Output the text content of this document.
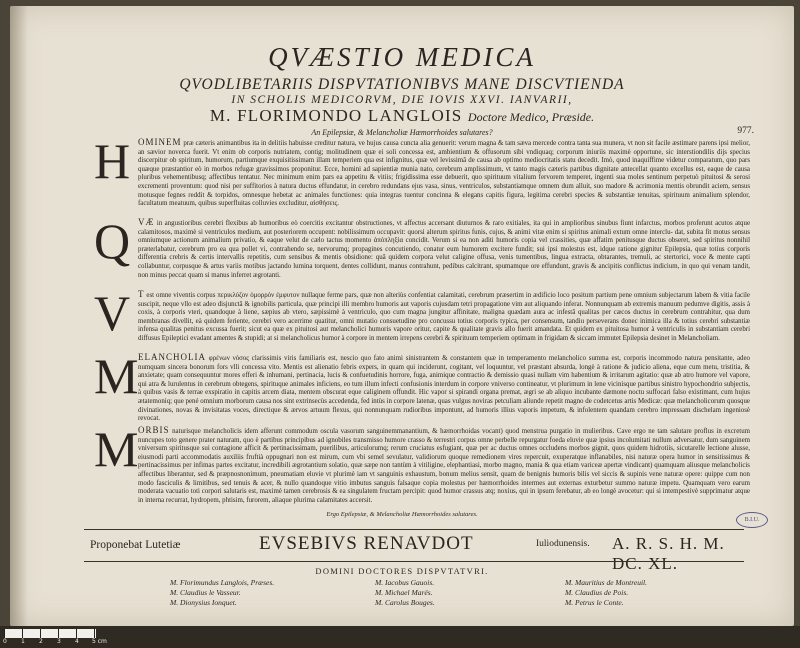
QVÆSTIO MEDICA
QVODLIBETARIIS DISPVTATIONIBVS MANE DISCVTIENDA
IN SCHOLIS MEDICORVM, DIE IOVIS XXVI. IANVARII,
M. FLORIMONDO LANGLOIS Doctore Medico, Præside.
An Epilepsiæ, & Melancholiæ Hæmorrhoides salutares?	977.
H OMINEM præ cæteris animantibus ita in delitiis habuisse creditur natura, ve hujus causa cuncta alia genuerit: verum magna & tam sæva mercede contra tanta sua munera, vt non sit facile æstimare parens ipsi melior, an sævior noverca fuerit. Vt enim ob corporis nutriatem, contig; molitudinem quæ ei soli concessa est, ambientium & offusorum sibi vndiquaq; corporum iniuriis maximè opportune, sic interstiondilis dijs specius discerpitur ob spiritum, humorum, partiumque exquisitissimam illam temperiem qua est infignitus, quæ vel levissimâ de causa ab optimo mediocritatis statu decedit. Imò, quod inaquiffime videtur comparatum, quo pars quæque præstantior eò in morbos refugæ gravissimos proponitur. Ecce, homini ad sapientiæ munia nato, cerebrum amplissimum, vt tanto magis cæteris partibus dignitate antecellat quanto excellus est, eaque de causa pluribus vehementibusq; affectibus tentatur. Nec minimum enim pars ea appetitu & vitiis; frigidissima esse debuerit, quo spirituum vitalium fervorem temperet, ingenti sua moles sentinum perpetuò pituitosi & serosi excrementi proventum: quod nisi per suffitorios à natura ductus effundatur, in cerebro redundans ejus vasa, sinus, ventriculos, substantiamque omnem dum alluit, suo madore & acrimonia mentis obrundit aciem, sensus motusque fegnes reddit & torpidos, omnesque hebetat ac animales functiones: quia integras tuentur concinna & elegans capitis figura, legitima cerebri species & substantiæ tenuitas, spirituum animalium splendor, facultatum meatuum, quibus superfluitas colluvies excluditur, αἰσθήσεις.
Q VÆ in angustioribus cerebri flexibus ab humoribus eò coercitis excitantur obstructiones, vt affectus accersant diuturnos & raro exitiales, ita qui in amplioribus sinubus fiunt infarctus, morbos proferunt acutos atque calamitosos, maximè si ventriculos medium, aut posteriorem occupent: nobilissimum occupavit: quorsi alterum spiritus funis, cujus, & animi vitæ enim si spiritus animali extum omne interclu- dat, subita fit motus sensus omniumque actionum animalium privatio, & eaque velut de cælo tactus momento ἀπόπληξία concidit. Verum si ea non aditi humoris copia vel crassities, quæ affatim penitusque ductus obseret, sed spiritus nonnihil præterlabatur, cerebrum pro ea qua pollet vi, contrahendo se, nervorumq; propagines concutiendo, conatur eum humorem excitere fundit; sui ipsi molestus est, idque ratione gignitur Epilepsia, quæ totius corporis differentia crebris & certis intervallis repetitis, cum sensibus & mentis obsidione: quâ quidem corpora velut caligine offusa, venis tumentibus, lingua extracta, obtarantes, tremuli, ac stertorici, voce & mente capti collabuntur, corpusque & artus variis motibus jactando lumina torquent, dentes collidunt, manus contrahunt, pedibus calcitrant, spumamque ore effundunt, gravis & ancipitis conflictus indicium, in quo qui venam tandit, non minus peccat quam si manus inferret ægrotanti.
V T est omne viventis corpus περικλύζον ὁμορρόν ἐμφυτον nullaque ferme pars, quæ non alteriùs confentiat calamitati, cerebrum præsertim in ædificio loco positum partium pene omnium subjectarum labem & vitia facile suscipit, neque vllo est adeo disjunctâ & ignobilis particula, quæ principi illi membro humoris aut vaporis cujusdam tetri propagatione vim aut aliquando inferat. Nonnunquam ab extremis manuum pedumve digitis, assis à coxis, à corporis vteri, quandoque à liene, sæpius ab vtero, sæpissimè à ventriculo, quo cum magna jungitur affinitate, maligna quædam aura ac infestâ qualitas per cæcos ductus in cerebrum contrahitur, qua dum membranas divellit, eà quidem feriente, cerebri vero acerrime quatitur, omni mutatio consuetudine pro concussu totius corporis typica, per consensum, tandiu perseverans donec inimica illa & totius cerebri substantiæ infensa qualitas penitus excussa fuerit; sicut ea quæ ex pituitosi aut melancholici humoris vapore oritur, capite & qualitate gravis allo fuerit amandata. Et quidem ex pituitosa humor à ventriculis in substantiam cerebri diffusus Epileptici evadant amentes & stupidi; at si melancholicus humor à corpore in mentem irrepens cerebri & spirituum temperiem optimam in frigidam & siccam immutet Epilepsia desinet in Melancholiam.
M ELANCHOLIA φρένων νόσος clarissimis viris familiaris est, nescio quo fato animi sinistrantem & constantem quæ in temperamento melancholico summa est, corporis incommodo natura pensitante, adeo numquam sincera bonorum fors vlli concessa vito. Mentis est alienatio febris expers, in quam qui inciderunt, cogitant, vel loquuntur, vel præstant absurda, longè à ratione & judicio aliena, eque cum metu, tristitia, & anxietate; quam consequuntur mores efferi & inhumani, pertinacia, lucis & confuetudinis horrore, fuga, animique contractio & demissio quasi nullam vim habentium & irritarum agitatio: quæ ab atro humore vel vapore, qui atra & lurulentus in cerebrum obtegens, spirituque animales inficiens, eo tum illum infecti confusionis interdum in corpore vniverso contineatur, vt plurimum in lene vicinisque partibus sinistro hypochondrio subjectis, à quibus vasis & terrae exspiratio in capitis arcem diata, mentem obscurat eque caliginem offundit. Hic vapor si spirandi organa premat, ægri se ab aliquo incubante dæmone noctu suffocari falso existimant, cum hujus ætatemoniq; que pené omnium morborum causa nos sint extrinsecùs accedenda, fed intùs in corpore latenæ, quas vulgus noviras petculiam aliunde repetit magno de codetcetus artis Medicæ: quæ melancholicorum quosque divinationes, novas & invisitatas voces, directique & ærvos artuum flexus, qui nonnunquam rudioribus impontunt, ad humoris illius vaporis impetum, & infolentem quandam cerebro impressam dischelam ingeniosè revocat.
M ORBIS naturisque melancholicis idem afferunt commodum oscula vasorum sanguinemmanantium, & hæmorrhoidas vocant) quod menstrua purgatio in mulieribus. Cave ergo ne tam salutare proflus in excretum nuncupes toto genere prater naturam, quo è partibus principibus ad ignobiles transmisso humore crasso & terrestri corpus omne perbelle repurgatur foeda eluvie quæ ipsius incolumitati nullum adversatur, dum sanguinem vniversum spiritusque sui contagione afficit & pertinacissimam, puerilibus, articulorumq; rerum cruciatus esfugiant, quæ per ac ductus omnes occludens morbos gignit, quos quidem hidrotiis, sicutarelle lectione alusse, eiusmodi parti accommodatis auxiliis fruftià oppugnari non est mirum, cum vbi semel sevulatur, validiorum quoque remedionem vires repercuit, exuperatque inflanabiles, nisi naturæ opera humor in sensitissimus & pertinacissimus per infimas partes excitatur, incredibili ægrotantium solatio, quæ sæpe non tantùm à vitiligine, elephantiasi, morbo magno, mania & qua etiam variceæ apertæ vindicant) quamquam aliusque melancholicis affectibus liberantur, sed & præpnosnonimum, pneumatiam eluvie vt plurimè iam vt sanguinis exhaustum, bonum melius sensit, quam de benignis humoris bilis vel siccis & supinis vene naturæ opere: quippe cum non modo fasciculis & limitibus, sed tenuis & acer, & nullo quandoque vitio imbutus sanguis falsaque copia molestus per hæmorrhoides intermes aut externas exturbetur summo naturæ impetu. Quamquam vero earum moderata vacuatio toti corpori salutaris est, maximè tamen cerebrosis & ea singulatem fructam percipit: quod humor crassus atq; noxius, qui in ipsum ferebatur, ab eo longè avocetur: qui si intempestivè supprimatur atque in interna recurrat, hydropem, phtisim, furorem, aliaque plurima calamitates accersit.
Ergo Epilepsiæ, & Melancholiæ Hæmorrhoides salutares.
Proponebat Lutetiæ	EVSEBIVS RENAVDOT	Iuliodunensis. A. R. S. H. M. DC. XL.
DOMINI DOCTORES DISPVTATVRI.
M. Florimundus Langlois, Præses.
M. Claudius le Vasseur.
M. Dionysius Ionquet.
M. Iacobus Gauois.
M. Michael Marës.
M. Carolus Bouges.
M. Mauritius de Montreuil.
M. Claudius de Pois.
M. Petrus le Conte.
B.I.U.
0 1 2 3 4 5 cm
